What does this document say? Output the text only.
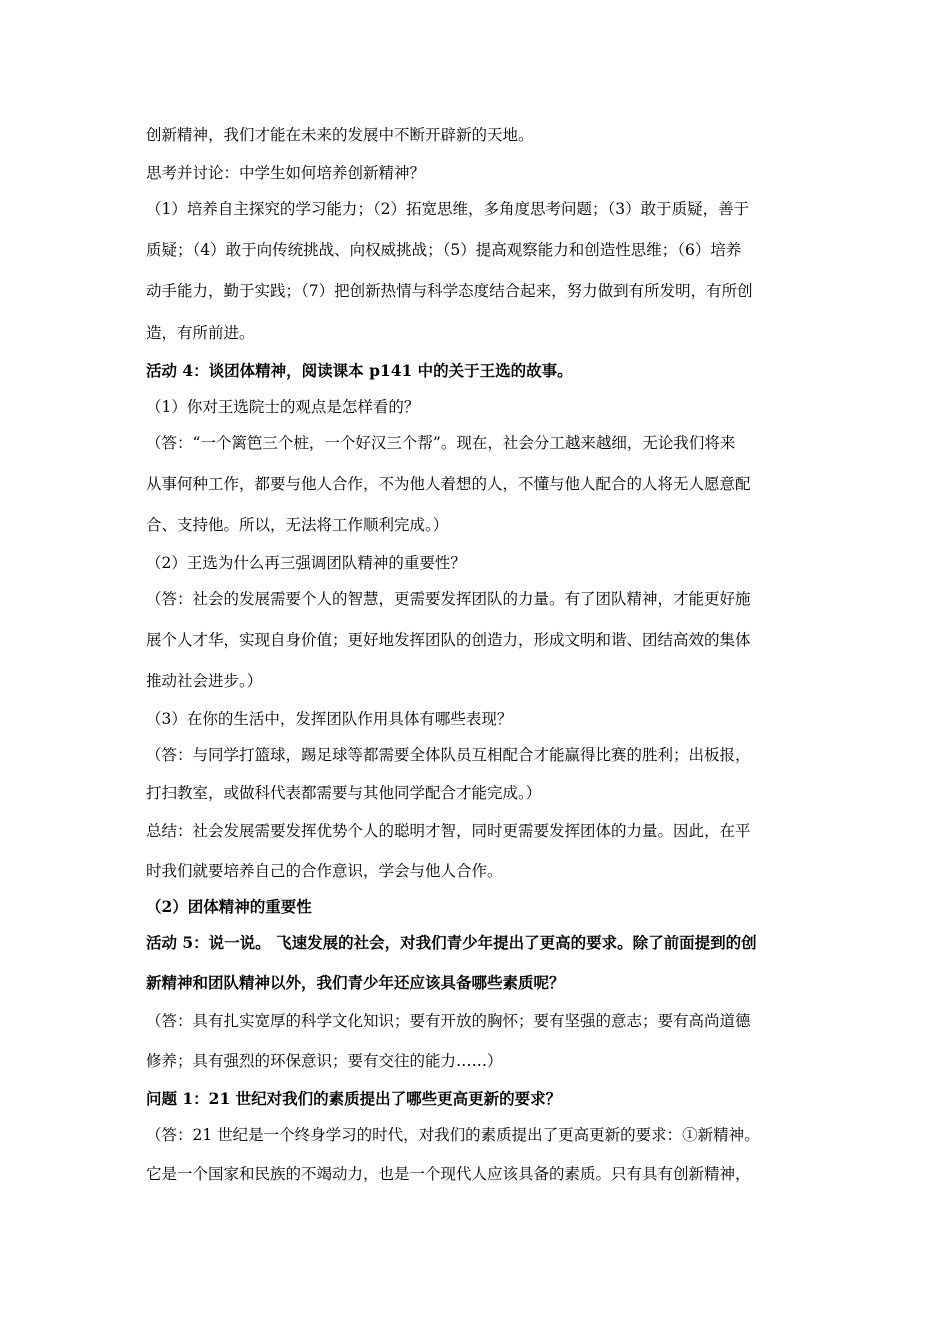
创新精神，我们才能在未来的发展中不断开辟新的天地。
思考并讨论：中学生如何培养创新精神？
（1）培养自主探究的学习能力；（2）拓宽思维，多角度思考问题；（3）敢于质疑，善于
质疑；（4）敢于向传统挑战、向权威挑战；（5）提高观察能力和创造性思维；（6）培养
动手能力，勤于实践；（7）把创新热情与科学态度结合起来，努力做到有所发明，有所创
造，有所前进。
活动 4：谈团体精神，阅读课本 p141 中的关于王选的故事。
（1）你对王选院士的观点是怎样看的？
（答：“一个篱笆三个桩，一个好汉三个帮”。现在，社会分工越来越细，无论我们将来
从事何种工作，都要与他人合作，不为他人着想的人，不懂与他人配合的人将无人愿意配
合、支持他。所以，无法将工作顺利完成。）
（2）王选为什么再三强调团队精神的重要性？
（答：社会的发展需要个人的智慧，更需要发挥团队的力量。有了团队精神，才能更好施
展个人才华，实现自身价值；更好地发挥团队的创造力，形成文明和谐、团结高效的集体
推动社会进步。）
（3）在你的生活中，发挥团队作用具体有哪些表现？
（答：与同学打篮球，踢足球等都需要全体队员互相配合才能赢得比赛的胜利；出板报，
打扫教室，或做科代表都需要与其他同学配合才能完成。）
总结：社会发展需要发挥优势个人的聪明才智，同时更需要发挥团体的力量。因此，在平
时我们就要培养自己的合作意识，学会与他人合作。
（2）团体精神的重要性
活动 5：说一说。 飞速发展的社会，对我们青少年提出了更高的要求。除了前面提到的创
新精神和团队精神以外，我们青少年还应该具备哪些素质呢？
（答：具有扎实宽厚的科学文化知识；要有开放的胸怀；要有坚强的意志；要有高尚道德
修养；具有强烈的环保意识；要有交往的能力……）
问题 1：21 世纪对我们的素质提出了哪些更高更新的要求？
（答：21 世纪是一个终身学习的时代，对我们的素质提出了更高更新的要求：①新精神。
它是一个国家和民族的不竭动力，也是一个现代人应该具备的素质。只有具有创新精神，
